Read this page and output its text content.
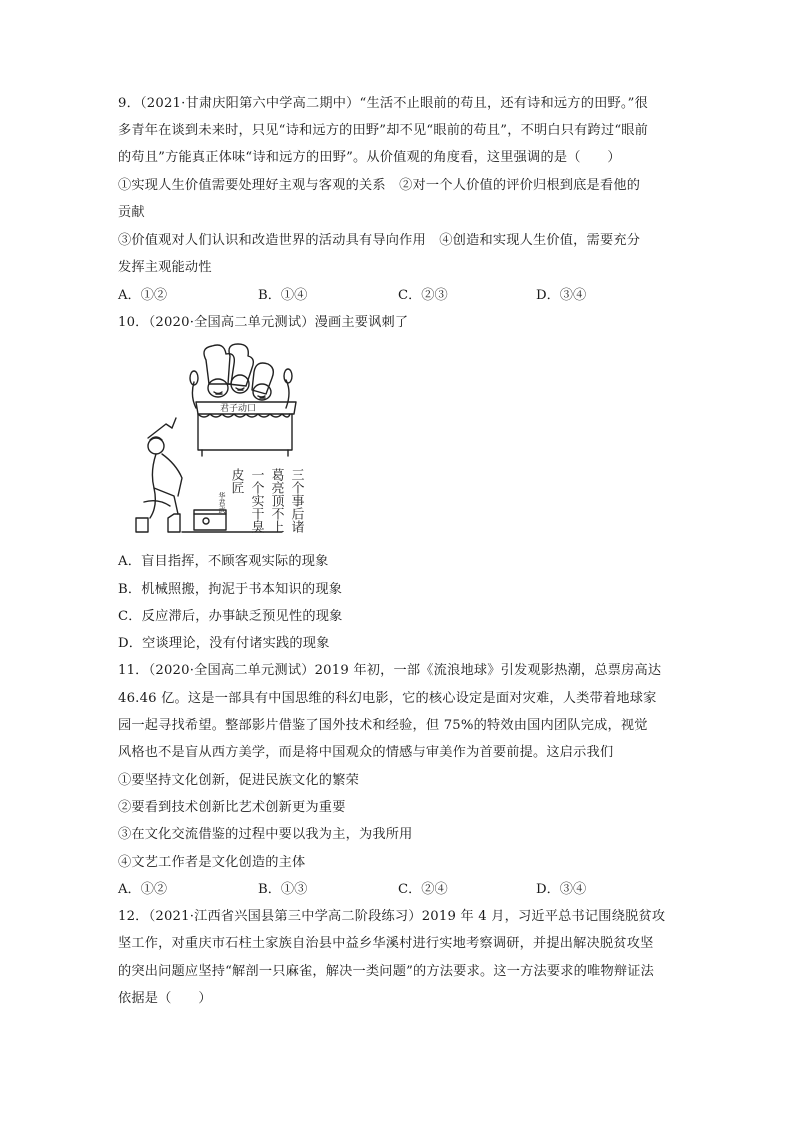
9．（2021·甘肃庆阳第六中学高二期中）“生活不止眼前的苟且，还有诗和远方的田野。”很
多青年在谈到未来时，只见“诗和远方的田野”却不见“眼前的苟且”，不明白只有跨过“眼前
的苟且”方能真正体味“诗和远方的田野”。从价值观的角度看，这里强调的是（　　）
①实现人生价值需要处理好主观与客观的关系　②对一个人价值的评价归根到底是看他的
贡献
③价值观对人们认识和改造世界的活动具有导向作用　④创造和实现人生价值，需要充分
发挥主观能动性
A．①②	B．①④	C．②③	D．③④
10．（2020·全国高二单元测试）漫画主要讽刺了
君子动口
三个事后诸
葛亮顶不上
一个实干臭
皮匠
华君武
A．盲目指挥，不顾客观实际的现象
B．机械照搬，拘泥于书本知识的现象
C．反应滞后，办事缺乏预见性的现象
D．空谈理论，没有付诸实践的现象
11．（2020·全国高二单元测试）2019 年初，一部《流浪地球》引发观影热潮，总票房高达
46.46 亿。这是一部具有中国思维的科幻电影，它的核心设定是面对灾难，人类带着地球家
园一起寻找希望。整部影片借鉴了国外技术和经验，但 75%的特效由国内团队完成，视觉
风格也不是盲从西方美学，而是将中国观众的情感与审美作为首要前提。这启示我们
①要坚持文化创新，促进民族文化的繁荣
②要看到技术创新比艺术创新更为重要
③在文化交流借鉴的过程中要以我为主，为我所用
④文艺工作者是文化创造的主体
A．①②	B．①③	C．②④	D．③④
12．（2021·江西省兴国县第三中学高二阶段练习）2019 年 4 月，习近平总书记围绕脱贫攻
坚工作，对重庆市石柱土家族自治县中益乡华溪村进行实地考察调研，并提出解决脱贫攻坚
的突出问题应坚持“解剖一只麻雀，解决一类问题”的方法要求。这一方法要求的唯物辩证法
依据是（　　）
